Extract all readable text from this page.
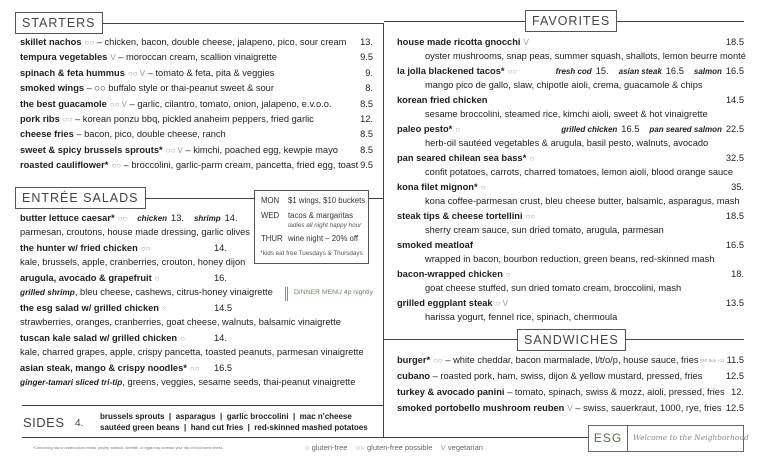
STARTERS	FAVORITES
ENTRÉE SALADS
SANDWICHES
skillet nachos ○○ – chicken, bacon, double cheese, jalapeno, pico, sour cream 13.
tempura vegetables V – moroccan cream, scallion vinaigrette	9.5
spinach & feta hummus ○○ V – tomato & feta, pita & veggies	9.
smoked wings – ○○ buffalo style or thai-peanut sweet & sour	8.
the best guacamole ○○ V – garlic, cilantro, tomato, onion, jalapeno, e.v.o.o.	8.5
pork ribs ○○ – korean ponzu bbq, pickled anaheim peppers, fried garlic	12.
cheese fries – bacon, pico, double cheese, ranch	8.5
sweet & spicy brussels sprouts* ○○ V – kimchi, poached egg, kewpie mayo 8.5
roasted cauliflower* ○○ – broccolini, garlic-parm cream, pancetta, fried egg, toast 9.5
butter lettuce caesar* ○○ chicken 13. shrimp 14.
parmesan, croutons, house made dressing, garlic olives
the hunter w/ fried chicken ○○	14.
kale, brussels, apple, cranberries, crouton, honey dijon
arugula, avocado & grapefruit ○	16.
grilled shrimp, bleu cheese, cashews, citrus-honey vinaigrette
the esg salad w/ grilled chicken ○	14.5
strawberries, oranges, cranberries, goat cheese, walnuts, balsamic vinaigrette
tuscan kale salad w/ grilled chicken ○	14.
kale, charred grapes, apple, crispy pancetta, toasted peanuts, parmesan vinaigrette
asian steak, mango & crispy noodles* ○○ 16.5
ginger-tamari sliced tri-tip, greens, veggies, sesame seeds, thai-peanut vinaigrette
house made ricotta gnocchi V	18.5
oyster mushrooms, snap peas, summer squash, shallots, lemon beurre monté
la jolla blackened tacos* ○○	fresh cod 15. asian steak 16.5 salmon 16.5
mango pico de gallo, slaw, chipotle aioli, crema, guacamole & chips
korean fried chicken	14.5
sesame broccolini, steamed rice, kimchi aioli, sweet & hot vinaigrette
paleo pesto* ○	grilled chicken 16.5 pan seared salmon 22.5
herb-oil sautéed vegetables & arugula, basil pesto, walnuts, avocado
pan seared chilean sea bass* ○	32.5
confit potatoes, carrots, charred tomatoes, lemon aioli, blood orange sauce
kona filet mignon* ○	35.
kona coffee-parmesan crust, bleu cheese butter, balsamic, asparagus, mash
steak tips & cheese tortellini ○○	18.5
sherry cream sauce, sun dried tomato, arugula, parmesan
smoked meatloaf	16.5
wrapped in bacon, bourbon reduction, green beans, red-skinned mash
bacon-wrapped chicken ○	18.
goat cheese stuffed, sun dried tomato cream, broccolini, mash
grilled eggplant steak ○ V	13.5
harissa yogurt, fennel rice, spinach, chermoula
burger* ○○ – white cheddar, bacon marmalade, l/t/o/p, house sauce, fries (GF bun +1) 11.5
cubano – roasted pork, ham, swiss, dijon & yellow mustard, pressed, fries	12.5
turkey & avocado panini – tomato, spinach, swiss & mozz, aioli, pressed, fries 12.
smoked portobello mushroom reuben V – swiss, sauerkraut, 1000, rye, fries 12.5
MON $1 wings, $10 buckets
WED tacos & margaritas
ladies all night happy hour
THUR wine night – 20% off
*kids eat free Tuesdays & Thursdays
DINNER MENU 4p nightly
SIDES 4.
brussels sprouts  |  asparagus  |  garlic broccolini  |  mac n'cheese
sautéed green beans  |  hand cut fries  |  red-skinned mashed potatoes
*Consuming raw or undercooked meats, poultry, seafood, shellfish, or eggs may increase your risk of food borne illness.	○ gluten-free ○○ gluten-free possible V vegetarian
ESG	Welcome to the Neighborhood
